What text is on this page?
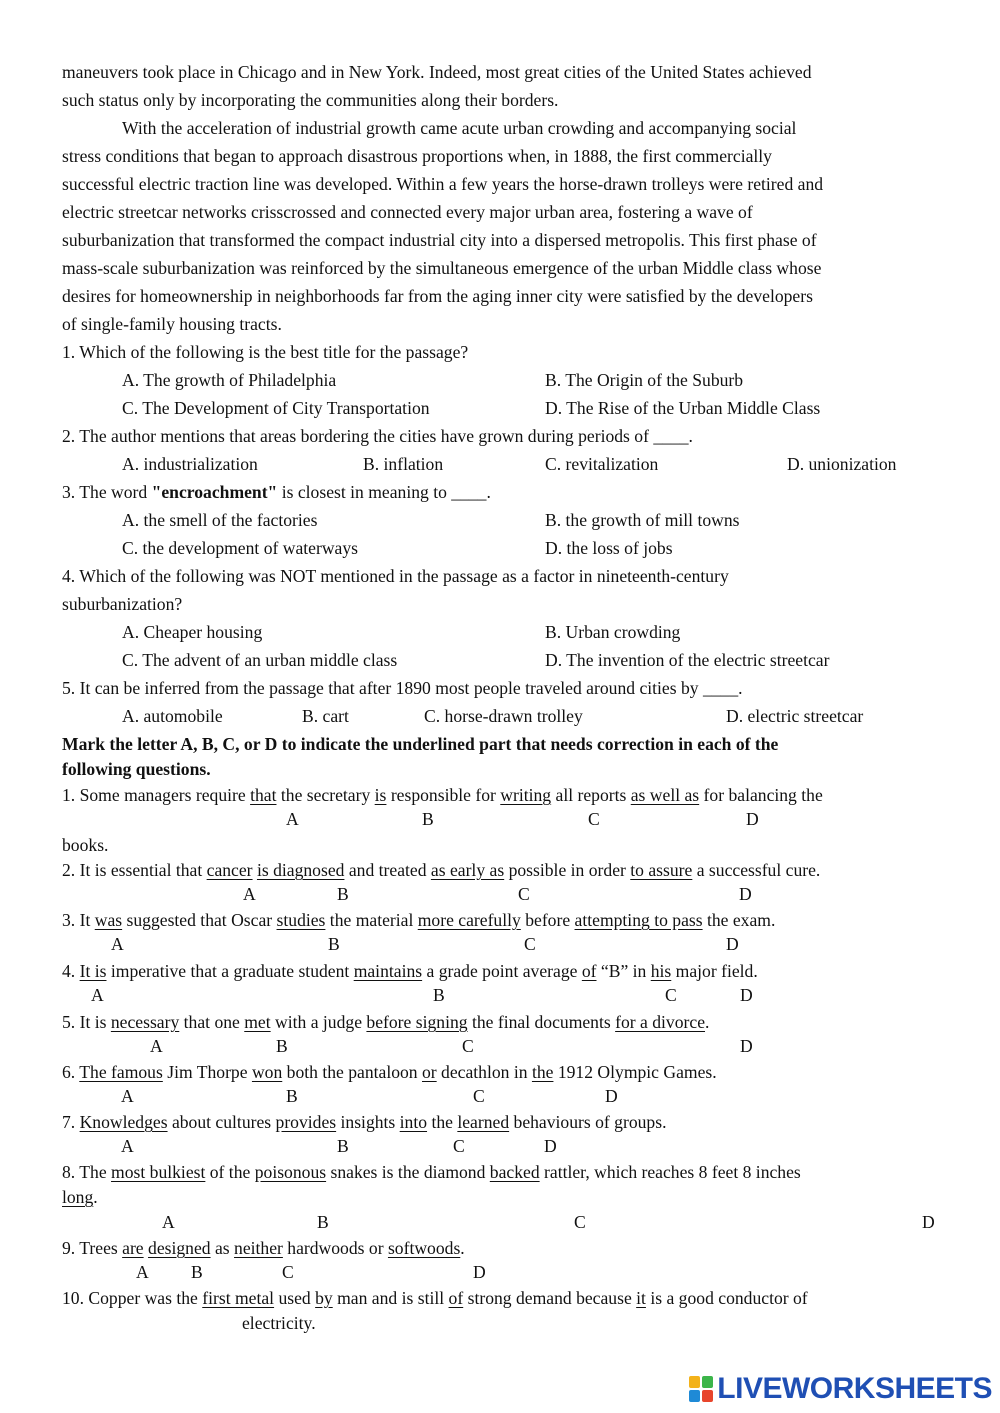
maneuvers took place in Chicago and in New York. Indeed, most great cities of the United States achieved
such status only by incorporating the communities along their borders.
With the acceleration of industrial growth came acute urban crowding and accompanying social
stress conditions that began to approach disastrous proportions when, in 1888, the first commercially
successful electric traction line was developed. Within a few years the horse-drawn trolleys were retired and
electric streetcar networks crisscrossed and connected every major urban area, fostering a wave of
suburbanization that transformed the compact industrial city into a dispersed metropolis. This first phase of
mass-scale suburbanization was reinforced by the simultaneous emergence of the urban Middle class whose
desires for homeownership in neighborhoods far from the aging inner city were satisfied by the developers
of single-family housing tracts.
1. Which of the following is the best title for the passage?
A. The growth of Philadelphia	B. The Origin of the Suburb
C. The Development of City Transportation	D. The Rise of the Urban Middle Class
2. The author mentions that areas bordering the cities have grown during periods of ____.
A. industrialization	B. inflation	C. revitalization	D. unionization
3. The word "encroachment" is closest in meaning to ____.
A. the smell of the factories	B. the growth of mill towns
C. the development of waterways	D. the loss of jobs
4. Which of the following was NOT mentioned in the passage as a factor in nineteenth-century
suburbanization?
A. Cheaper housing	B. Urban crowding
C. The advent of an urban middle class	D. The invention of the electric streetcar
5. It can be inferred from the passage that after 1890 most people traveled around cities by ____.
A. automobile	B. cart	C. horse-drawn trolley	D. electric streetcar
Mark the letter A, B, C, or D to indicate the underlined part that needs correction in each of the
following questions.
1. Some managers require that the secretary is responsible for writing all reports as well as for balancing the
A	B	C	D
books.
2. It is essential that cancer is diagnosed and treated as early as possible in order to assure a successful cure.
A	B	C	D
3. It was suggested that Oscar studies the material more carefully before attempting to pass the exam.
A	B	C	D
4. It is imperative that a graduate student maintains a grade point average of “B” in his major field.
A	B	C	D
5. It is necessary that one met with a judge before signing the final documents for a divorce.
A	B	C	D
6. The famous Jim Thorpe won both the pantaloon or decathlon in the 1912 Olympic Games.
A	B	C	D
7. Knowledges about cultures provides insights into the learned behaviours of groups.
A	B	C	D
8. The most bulkiest of the poisonous snakes is the diamond backed rattler, which reaches 8 feet 8 inches
long.
A	B	C	D
9. Trees are designed as neither hardwoods or softwoods.
A B	C	D
10. Copper was the first metal used by man and is still of strong demand because it is a good conductor of
electricity.
LIVEWORKSHEETS
